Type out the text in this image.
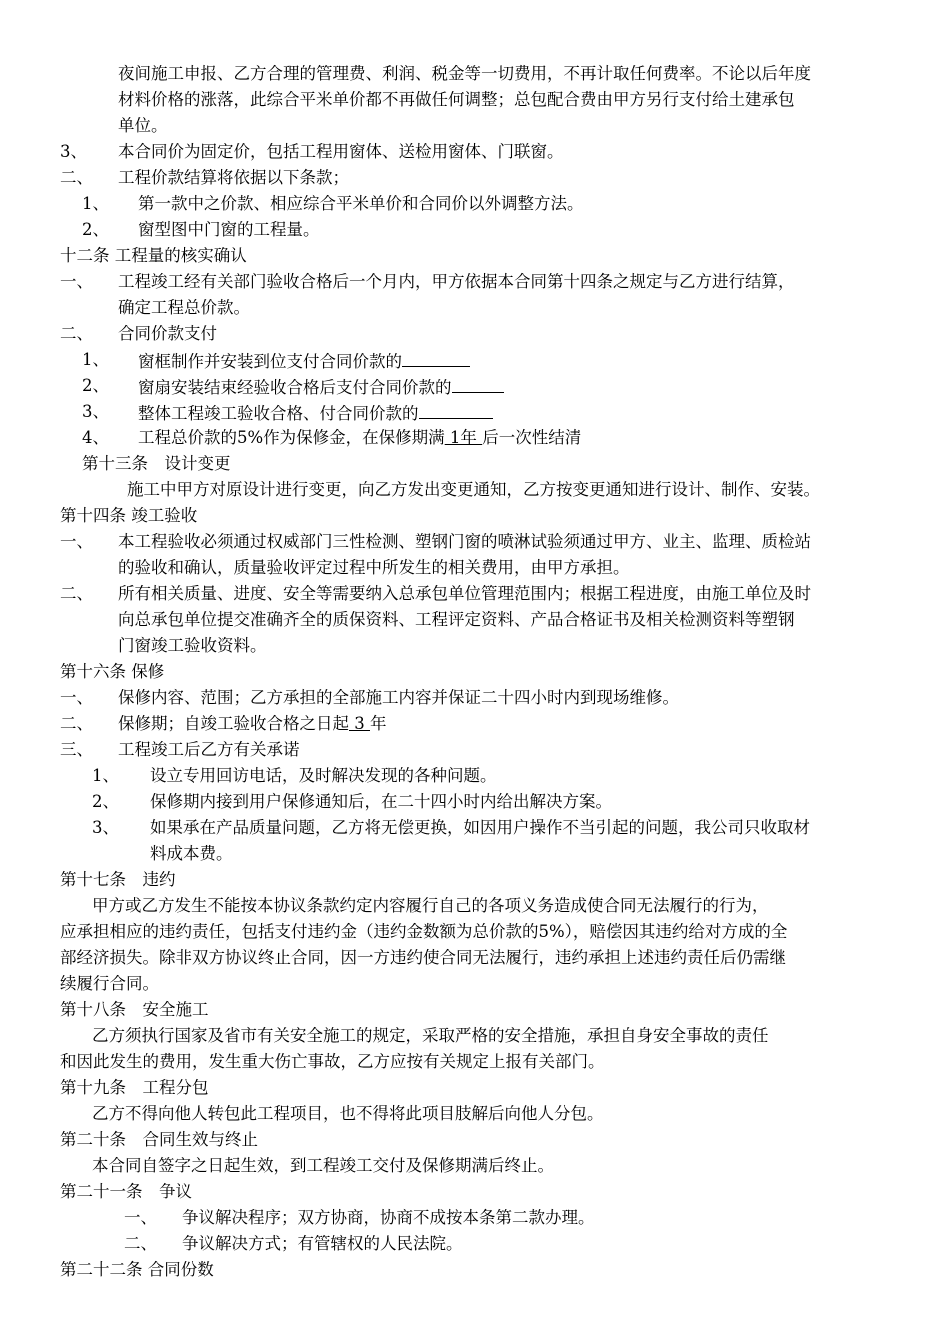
夜间施工申报、乙方合理的管理费、利润、税金等一切费用，不再计取任何费率。不论以后年度
材料价格的涨落，此综合平米单价都不再做任何调整；总包配合费由甲方另行支付给土建承包
单位。
3、 本合同价为固定价，包括工程用窗体、送检用窗体、门联窗。
二、 工程价款结算将依据以下条款；
1、 第一款中之价款、相应综合平米单价和合同价以外调整方法。
2、 窗型图中门窗的工程量。
十二条 工程量的核实确认
一、 工程竣工经有关部门验收合格后一个月内，甲方依据本合同第十四条之规定与乙方进行结算，
确定工程总价款。
二、 合同价款支付
1、 窗框制作并安装到位支付合同价款的
2、 窗扇安装结束经验收合格后支付合同价款的
3、 整体工程竣工验收合格、付合同价款的
4、 工程总价款的5%作为保修金，在保修期满 1年 后一次性结清
第十三条　设计变更
施工中甲方对原设计进行变更，向乙方发出变更通知，乙方按变更通知进行设计、制作、安装。
第十四条 竣工验收
一、 本工程验收必须通过权威部门三性检测、塑钢门窗的喷淋试验须通过甲方、业主、监理、质检站
的验收和确认，质量验收评定过程中所发生的相关费用，由甲方承担。
二、 所有相关质量、进度、安全等需要纳入总承包单位管理范围内；根据工程进度，由施工单位及时
向总承包单位提交准确齐全的质保资料、工程评定资料、产品合格证书及相关检测资料等塑钢
门窗竣工验收资料。
第十六条 保修
一、 保修内容、范围；乙方承担的全部施工内容并保证二十四小时内到现场维修。
二、 保修期；自竣工验收合格之日起 3 年
三、 工程竣工后乙方有关承诺
1、 设立专用回访电话，及时解决发现的各种问题。
2、 保修期内接到用户保修通知后，在二十四小时内给出解决方案。
3、 如果承在产品质量问题，乙方将无偿更换，如因用户操作不当引起的问题，我公司只收取材
料成本费。
第十七条　违约
甲方或乙方发生不能按本协议条款约定内容履行自己的各项义务造成使合同无法履行的行为，
应承担相应的违约责任，包括支付违约金（违约金数额为总价款的5%），赔偿因其违约给对方成的全
部经济损失。除非双方协议终止合同，因一方违约使合同无法履行，违约承担上述违约责任后仍需继
续履行合同。
第十八条　安全施工
乙方须执行国家及省市有关安全施工的规定，采取严格的安全措施，承担自身安全事故的责任
和因此发生的费用，发生重大伤亡事故，乙方应按有关规定上报有关部门。
第十九条　工程分包
乙方不得向他人转包此工程项目，也不得将此项目肢解后向他人分包。
第二十条　合同生效与终止
本合同自签字之日起生效，到工程竣工交付及保修期满后终止。
第二十一条　争议
一、 争议解决程序；双方协商，协商不成按本条第二款办理。
二、 争议解决方式；有管辖权的人民法院。
第二十二条 合同份数
